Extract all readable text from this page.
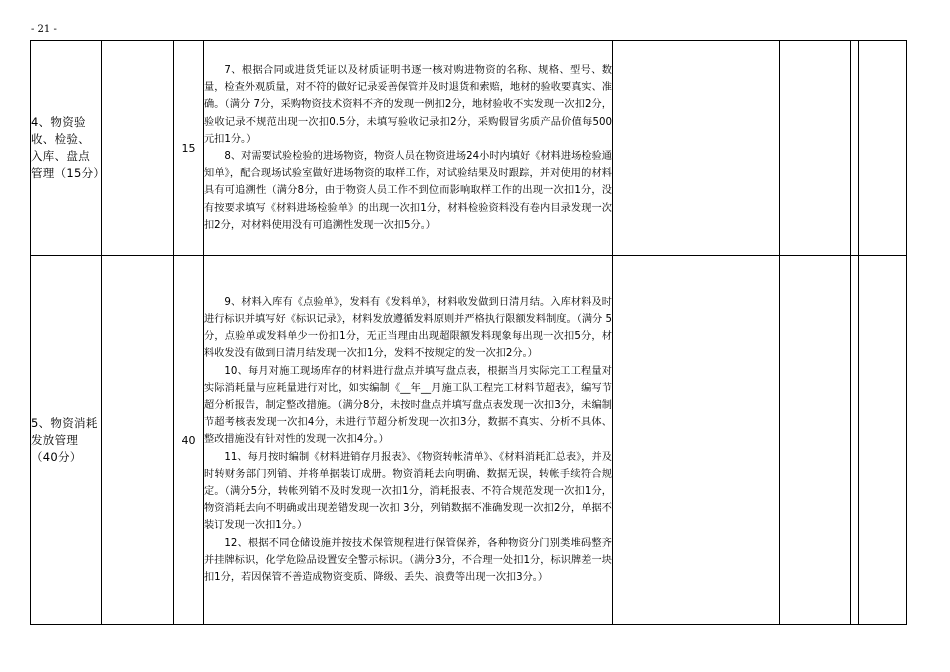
- 21 -
4、物资验收、检验、入库、盘点管理（15分）		15	7、根据合同或进货凭证以及材质证明书逐一核对购进物资的名称、规格、型号、数量，检查外观质量，对不符的做好记录妥善保管并及时退货和索赔，地材的验收要真实、准确。（满分 7分，采购物资技术资料不齐的发现一例扣2分，地材验收不实发现一次扣2分，验收记录不规范出现一次扣0.5分，未填写验收记录扣2分，采购假冒劣质产品价值每500元扣1分。）

8、对需要试验检验的进场物资，物资人员在物资进场24小时内填好《材料进场检验通知单》，配合现场试验室做好进场物资的取样工作，对试验结果及时跟踪，并对使用的材料具有可追溯性（满分8分，由于物资人员工作不到位而影响取样工作的出现一次扣1分，没有按要求填写《材料进场检验单》的出现一次扣1分，材料检验资料没有卷内目录发现一次扣2分，对材料使用没有可追溯性发现一次扣5分。）				

5、物资消耗发放管理（40分）		40	9、材料入库有《点验单》，发料有《发料单》，材料收发做到日清月结。入库材料及时进行标识并填写好《标识记录》，材料发放遵循发料原则并严格执行限额发料制度。（满分 5分，点验单或发料单少一份扣1分，无正当理由出现超限额发料现象每出现一次扣5分，材料收发没有做到日清月结发现一次扣1分，发料不按规定的发一次扣2分。）

10、每月对施工现场库存的材料进行盘点并填写盘点表，根据当月实际完工工程量对实际消耗量与应耗量进行对比，如实编制《__年__月施工队工程完工材料节超表》，编写节超分析报告，制定整改措施。（满分8分，未按时盘点并填写盘点表发现一次扣3分，未编制节超考核表发现一次扣4分，未进行节超分析发现一次扣3分，数据不真实、分析不具体、整改措施没有针对性的发现一次扣4分。）

11、每月按时编制《材料进销存月报表》、《物资转帐清单》、《材料消耗汇总表》，并及时转财务部门列销、并将单据装订成册。物资消耗去向明确、数据无误，转帐手续符合规定。（满分5分，转帐列销不及时发现一次扣1分，消耗报表、不符合规范发现一次扣1分，物资消耗去向不明确或出现差错发现一次扣 3分，列销数据不准确发现一次扣2分，单据不装订发现一次扣1分。）

12、根据不同仓储设施并按技术保管规程进行保管保养，各种物资分门别类堆码整齐并挂牌标识，化学危险品设置安全警示标识。（满分3分，不合理一处扣1分，标识牌差一块扣1分，若因保管不善造成物资变质、降级、丢失、浪费等出现一次扣3分。）				
